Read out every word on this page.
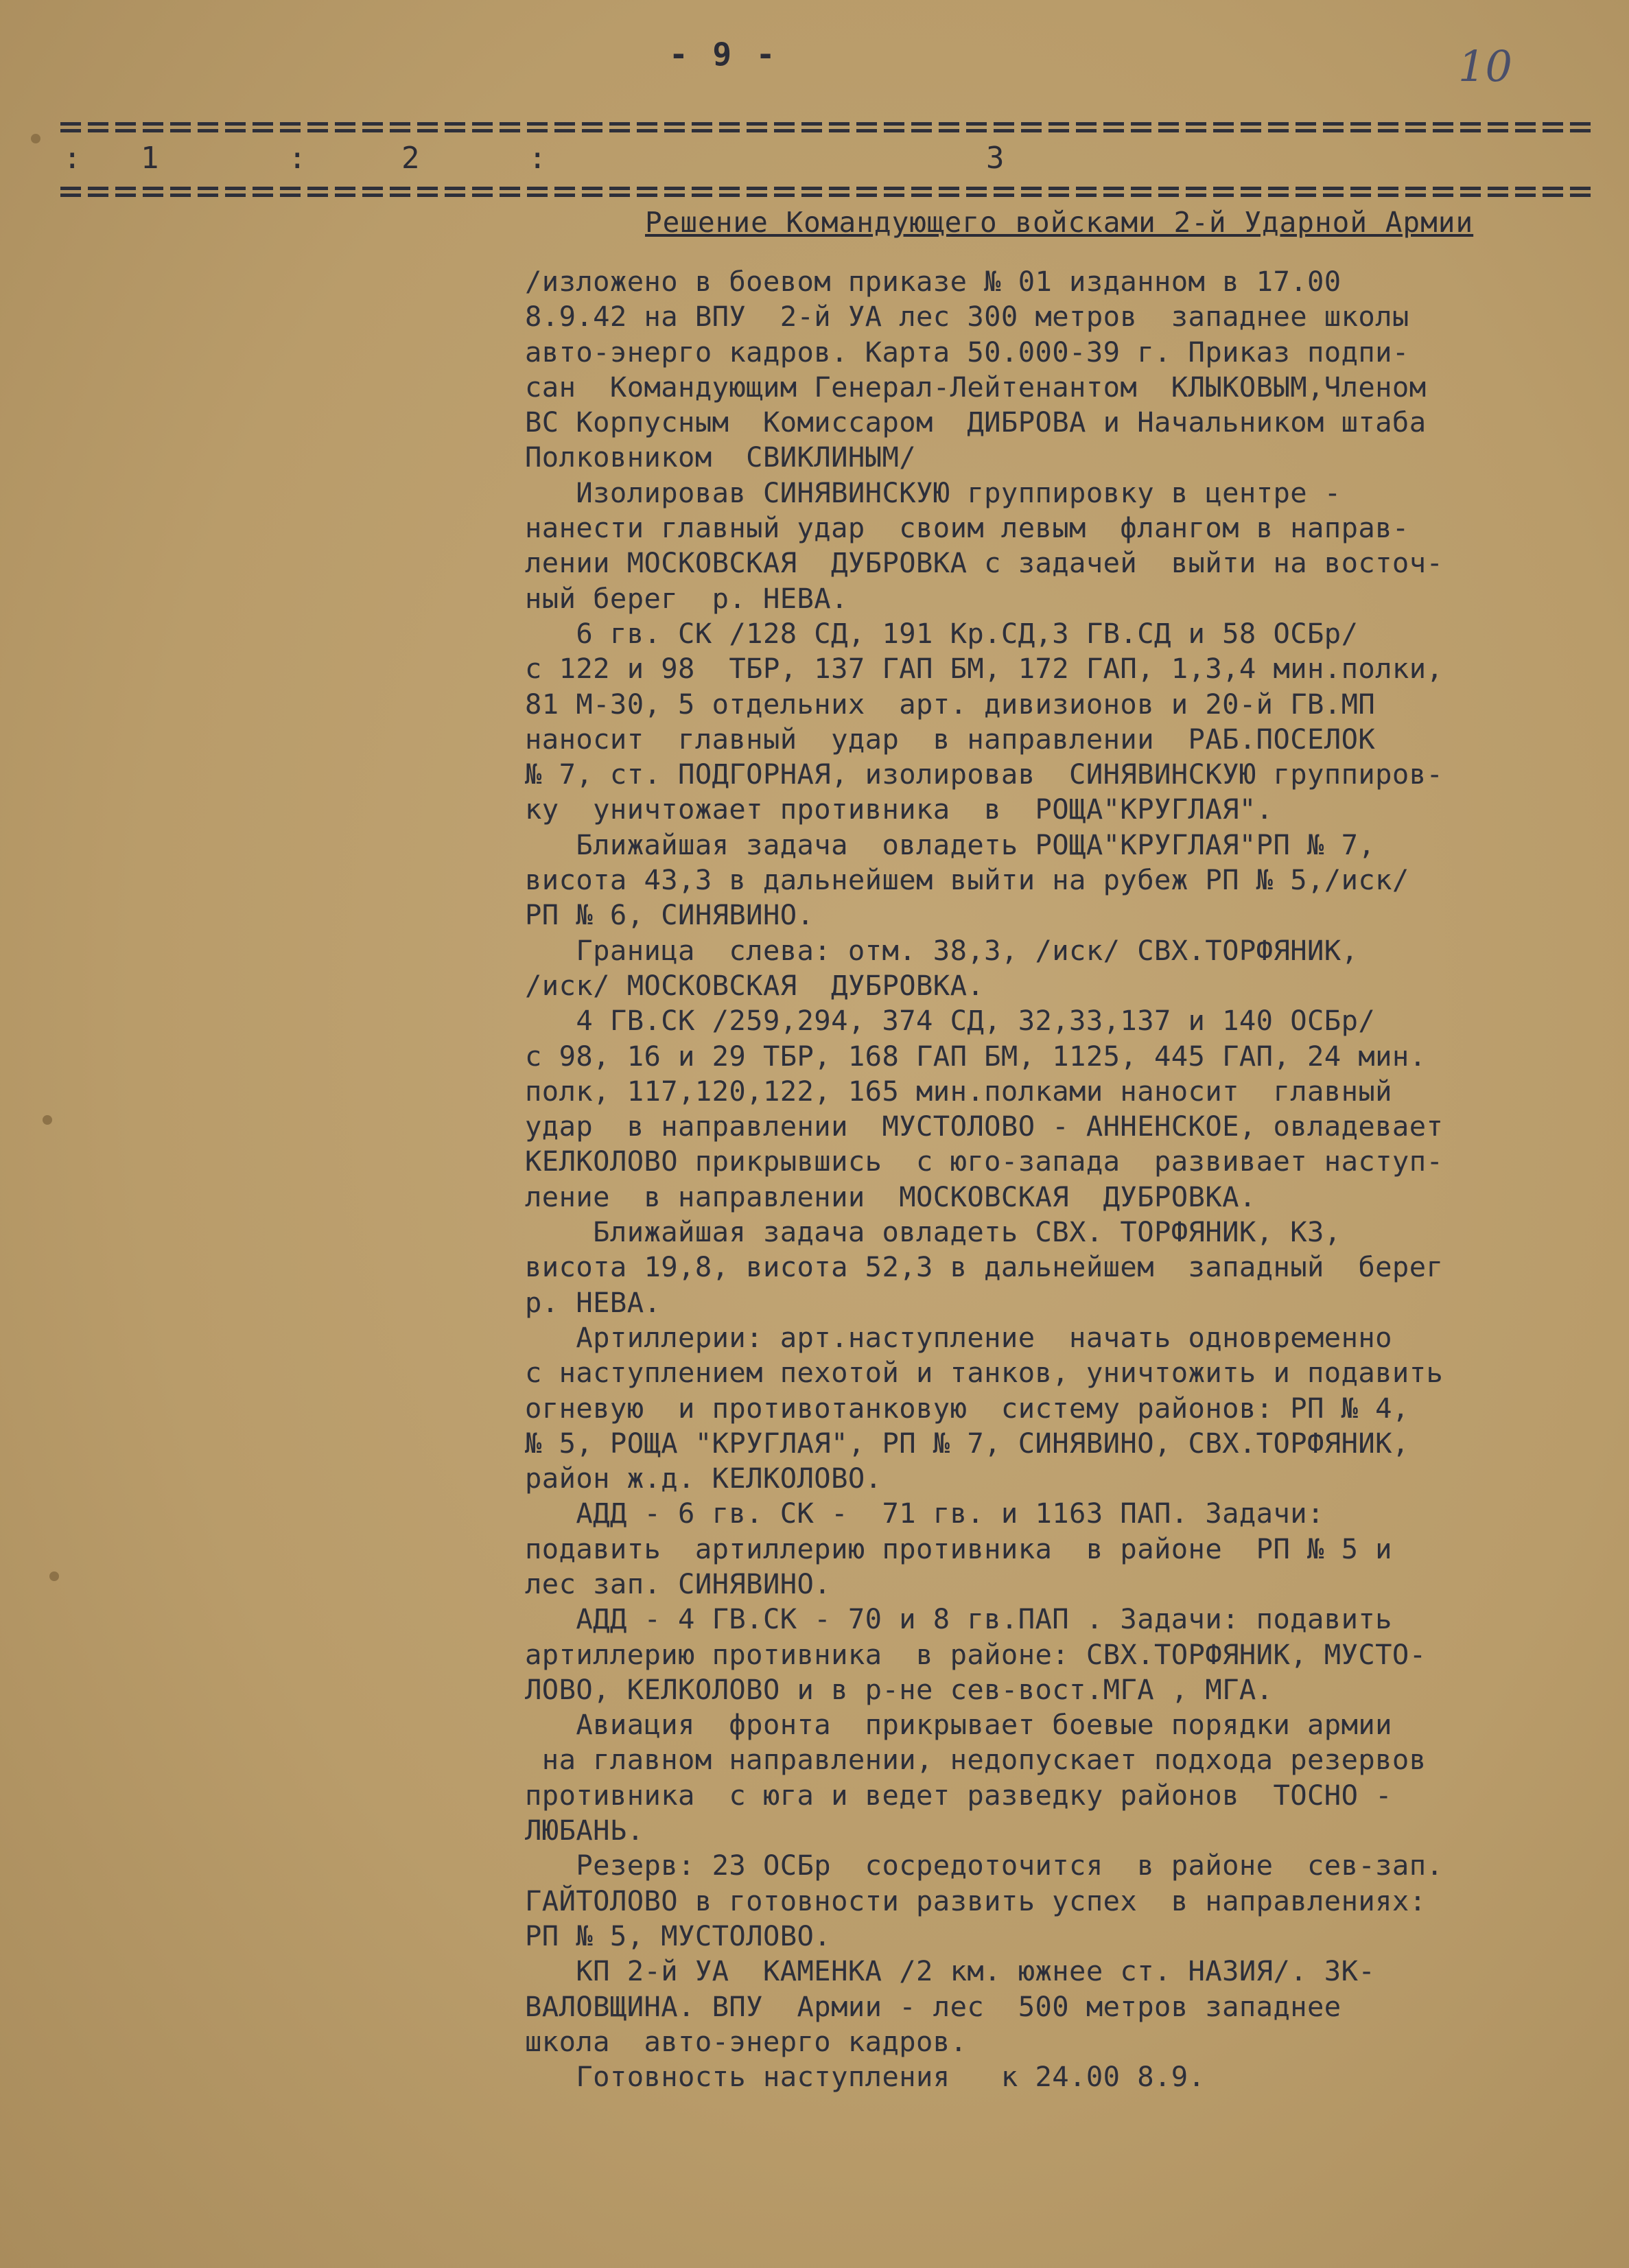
- 9 -	10
: 1	:	2	:	3
Решение Командующего войсками 2-й Ударной Армии
/изложено в боевом приказе № 01 изданном в 17.00
8.9.42 на ВПУ  2-й УА лес 300 метров  западнее школы
авто-энерго кадров. Карта 50.000-39 г. Приказ подпи-
сан  Командующим Генерал-Лейтенантом  КЛЫКОВЫМ,Членом
ВС Корпусным  Комиссаром  ДИБРОВА и Начальником штаба
Полковником  СВИКЛИНЫМ/
Изолировав СИНЯВИНСКУЮ группировку в центре -
нанести главный удар  своим левым  флангом в направ-
лении МОСКОВСКАЯ  ДУБРОВКА с задачей  выйти на восточ-
ный берег  р. НЕВА.
6 гв. СК /128 СД, 191 Кр.СД,3 ГВ.СД и 58 ОСБр/
с 122 и 98  ТБР, 137 ГАП БМ, 172 ГАП, 1,3,4 мин.полки,
81 М-30, 5 отдельних  арт. дивизионов и 20-й ГВ.МП
наносит  главный  удар  в направлении  РАБ.ПОСЕЛОК
№ 7, ст. ПОДГОРНАЯ, изолировав  СИНЯВИНСКУЮ группиров-
ку  уничтожает противника  в  РОЩА"КРУГЛАЯ".
Ближайшая задача  овладеть РОЩА"КРУГЛАЯ"РП № 7,
висота 43,3 в дальнейшем выйти на рубеж РП № 5,/иск/
РП № 6, СИНЯВИНО.
Граница  слева: отм. 38,3, /иск/ СВХ.ТОРФЯНИК,
/иск/ МОСКОВСКАЯ  ДУБРОВКА.
4 ГВ.СК /259,294, 374 СД, 32,33,137 и 140 ОСБр/
с 98, 16 и 29 ТБР, 168 ГАП БМ, 1125, 445 ГАП, 24 мин.
полк, 117,120,122, 165 мин.полками наносит  главный
удар  в направлении  МУСТОЛОВО - АННЕНСКОЕ, овладевает
КЕЛКОЛОВО прикрывшись  с юго-запада  развивает наступ-
ление  в направлении  МОСКОВСКАЯ  ДУБРОВКА.
Ближайшая задача овладеть СВХ. ТОРФЯНИК, КЗ,
висота 19,8, висота 52,3 в дальнейшем  западный  берег
р. НЕВА.
Артиллерии: арт.наступление  начать одновременно
с наступлением пехотой и танков, уничтожить и подавить
огневую  и противотанковую  систему районов: РП № 4,
№ 5, РОЩА "КРУГЛАЯ", РП № 7, СИНЯВИНО, СВХ.ТОРФЯНИК,
район ж.д. КЕЛКОЛОВО.
АДД - 6 гв. СК -  71 гв. и 1163 ПАП. Задачи:
подавить  артиллерию противника  в районе  РП № 5 и
лес зап. СИНЯВИНО.
АДД - 4 ГВ.СК - 70 и 8 гв.ПАП . Задачи: подавить
артиллерию противника  в районе: СВХ.ТОРФЯНИК, МУСТО-
ЛОВО, КЕЛКОЛОВО и в р-не сев-вост.МГА , МГА.
Авиация  фронта  прикрывает боевые порядки армии
на главном направлении, недопускает подхода резервов
противника  с юга и ведет разведку районов  ТОСНО -
ЛЮБАНЬ.
Резерв: 23 ОСБр  сосредоточится  в районе  сев-зап.
ГАЙТОЛОВО в готовности развить успех  в направлениях:
РП № 5, МУСТОЛОВО.
КП 2-й УА  КАМЕНКА /2 км. южнее ст. НАЗИЯ/. ЗК-
ВАЛОВЩИНА. ВПУ  Армии - лес  500 метров западнее
школа  авто-энерго кадров.
Готовность наступления   к 24.00 8.9.
